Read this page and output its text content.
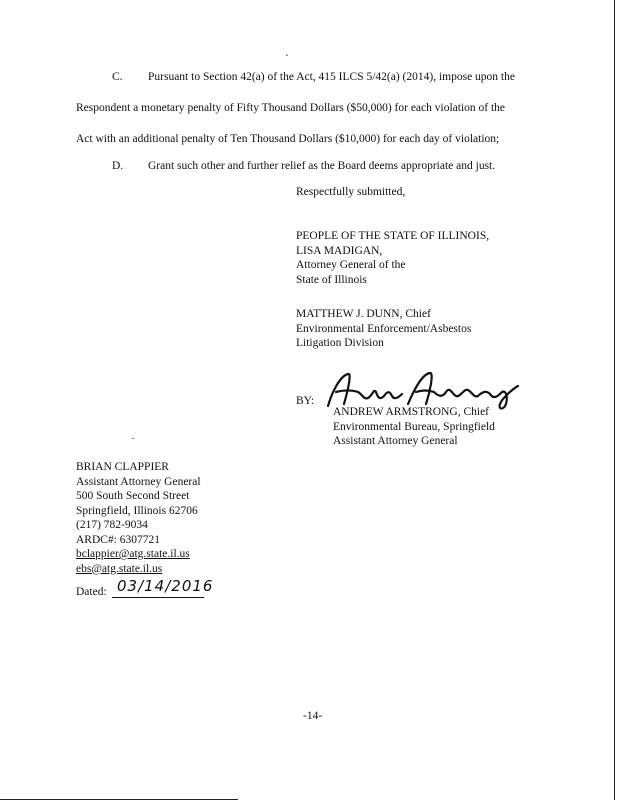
·
C. Pursuant to Section 42(a) of the Act, 415 ILCS 5/42(a) (2014), impose upon the
Respondent a monetary penalty of Fifty Thousand Dollars ($50,000) for each violation of the
Act with an additional penalty of Ten Thousand Dollars ($10,000) for each day of violation;
D. Grant such other and further relief as the Board deems appropriate and just.
Respectfully submitted,
PEOPLE OF THE STATE OF ILLINOIS,
LISA MADIGAN,
Attorney General of the
State of Illinois
MATTHEW J. DUNN, Chief
Environmental Enforcement/Asbestos
Litigation Division
BY:
ANDREW ARMSTRONG, Chief
Environmental Bureau, Springfield
Assistant Attorney General
·
BRIAN CLAPPIER
Assistant Attorney General
500 South Second Street
Springfield, Illinois 62706
(217) 782-9034
ARDC#: 6307721
bclappier@atg.state.il.us
ebs@atg.state.il.us
Dated: 03/14/2016
-14-
